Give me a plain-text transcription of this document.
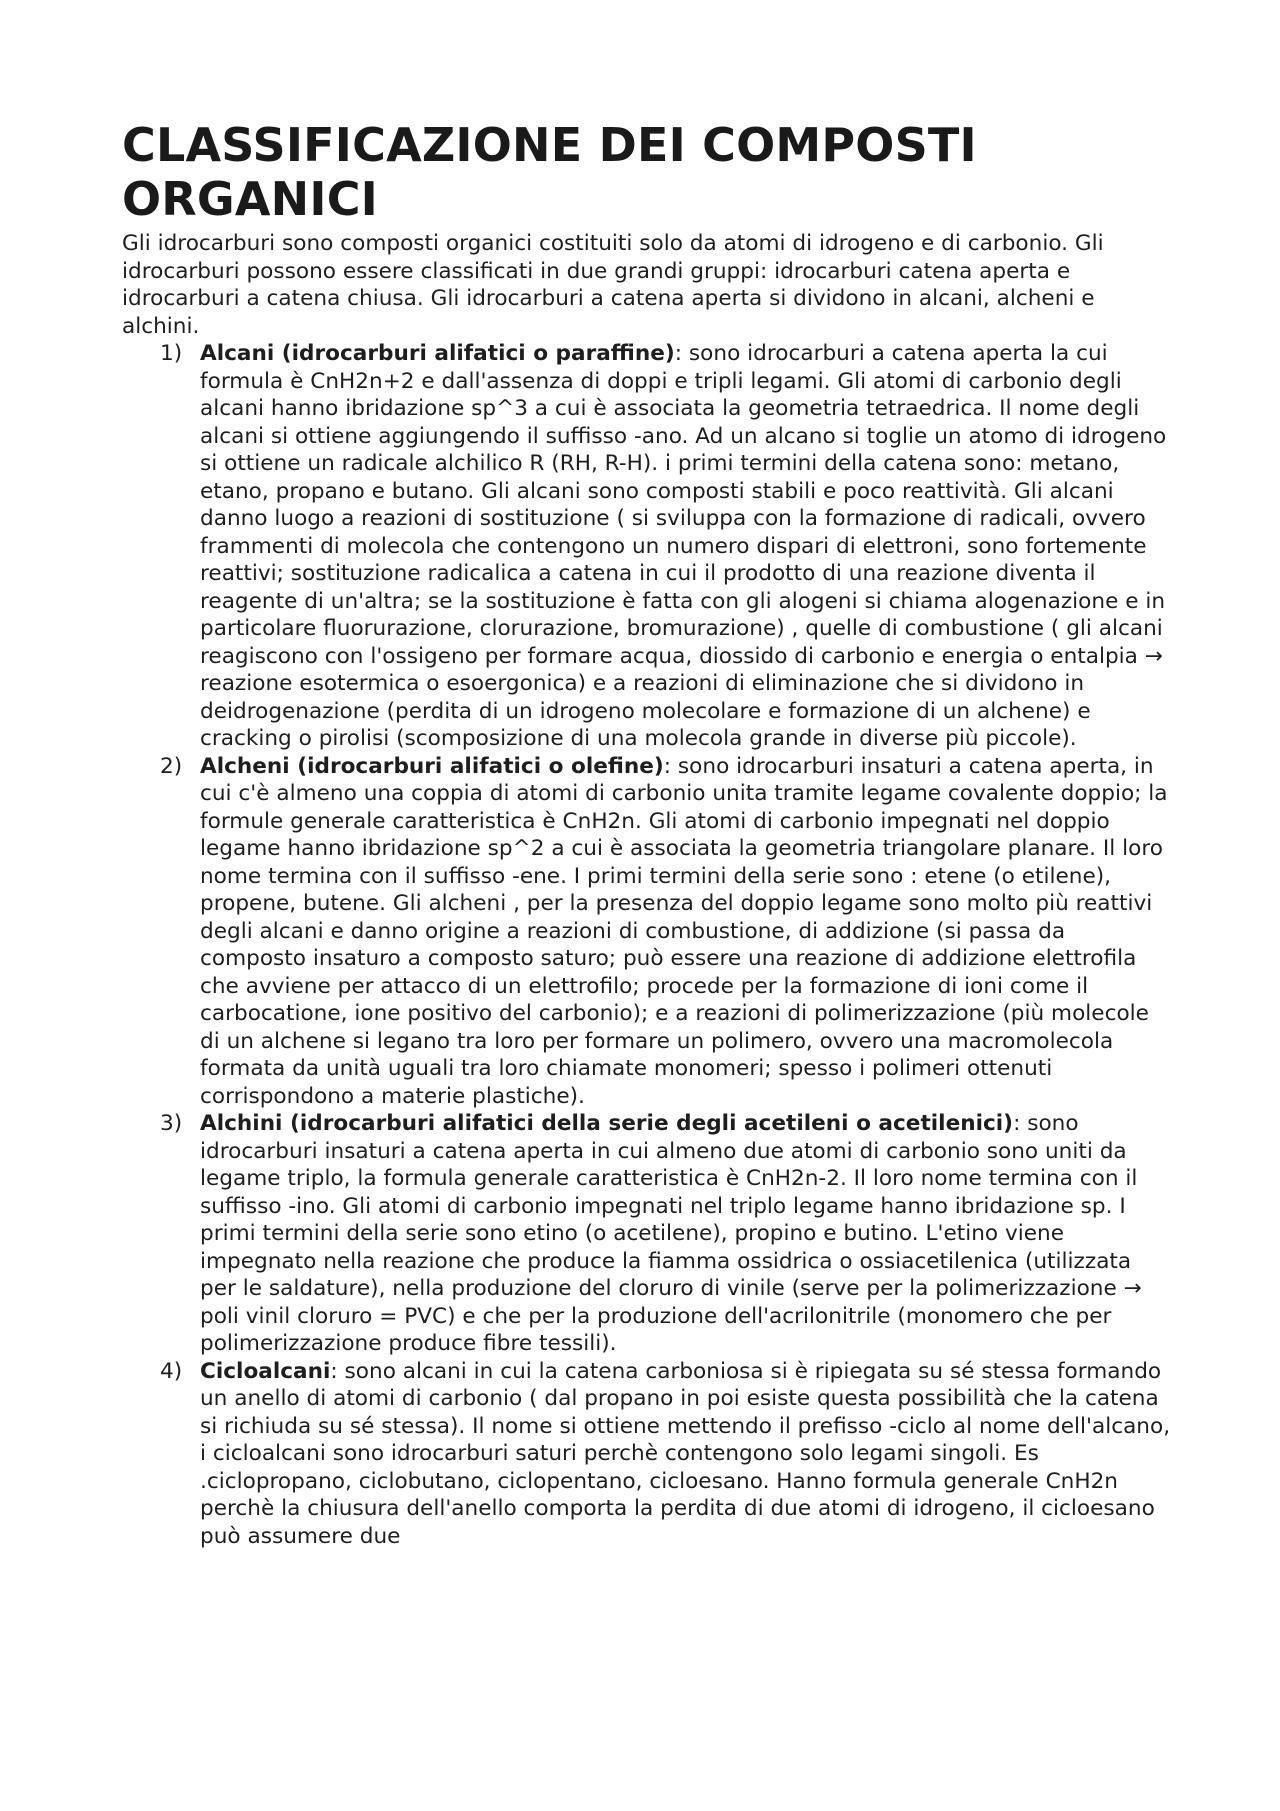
CLASSIFICAZIONE DEI COMPOSTI ORGANICI

Gli idrocarburi sono composti organici costituiti solo da atomi di idrogeno e di carbonio. Gli idrocarburi possono essere classificati in due grandi gruppi: idrocarburi catena aperta e idrocarburi a catena chiusa. Gli idrocarburi a catena aperta si dividono in alcani, alcheni e alchini.

1) Alcani (idrocarburi alifatici o paraffine): sono idrocarburi a catena aperta la cui formula è CnH2n+2 e dall'assenza di doppi e tripli legami. Gli atomi di carbonio degli alcani hanno ibridazione sp^3 a cui è associata la geometria tetraedrica. Il nome degli alcani si ottiene aggiungendo il suffisso -ano. Ad un alcano si toglie un atomo di idrogeno si ottiene un radicale alchilico R (RH, R-H). i primi termini della catena sono: metano, etano, propano e butano. Gli alcani sono composti stabili e poco reattività. Gli alcani danno luogo a reazioni di sostituzione ( si sviluppa con la formazione di radicali, ovvero frammenti di molecola che contengono un numero dispari di elettroni, sono fortemente reattivi; sostituzione radicalica a catena in cui il prodotto di una reazione diventa il reagente di un'altra; se la sostituzione è fatta con gli alogeni si chiama alogenazione e in particolare fluorurazione, clorurazione, bromurazione) , quelle di combustione ( gli alcani reagiscono con l'ossigeno per formare acqua, diossido di carbonio e energia o entalpia → reazione esotermica o esoergonica) e a reazioni di eliminazione che si dividono in deidrogenazione (perdita di un idrogeno molecolare e formazione di un alchene) e cracking o pirolisi (scomposizione di una molecola grande in diverse più piccole).
2) Alcheni (idrocarburi alifatici o olefine): sono idrocarburi insaturi a catena aperta, in cui c'è almeno una coppia di atomi di carbonio unita tramite legame covalente doppio; la formule generale caratteristica è CnH2n. Gli atomi di carbonio impegnati nel doppio legame hanno ibridazione sp^2 a cui è associata la geometria triangolare planare. Il loro nome termina con il suffisso -ene. I primi termini della serie sono : etene (o etilene), propene, butene. Gli alcheni , per la presenza del doppio legame sono molto più reattivi degli alcani e danno origine a reazioni di combustione, di addizione (si passa da composto insaturo a composto saturo; può essere una reazione di addizione elettrofila che avviene per attacco di un elettrofilo; procede per la formazione di ioni come il carbocatione, ione positivo del carbonio); e a reazioni di polimerizzazione (più molecole di un alchene si legano tra loro per formare un polimero, ovvero una macromolecola formata da unità uguali tra loro chiamate monomeri; spesso i polimeri ottenuti corrispondono a materie plastiche).
3) Alchini (idrocarburi alifatici della serie degli acetileni o acetilenici): sono idrocarburi insaturi a catena aperta in cui almeno due atomi di carbonio sono uniti da legame triplo, la formula generale caratteristica è CnH2n-2. Il loro nome termina con il suffisso -ino. Gli atomi di carbonio impegnati nel triplo legame hanno ibridazione sp. I primi termini della serie sono etino (o acetilene), propino e butino. L'etino viene impegnato nella reazione che produce la fiamma ossidrica o ossiacetilenica (utilizzata per le saldature), nella produzione del cloruro di vinile (serve per la polimerizzazione → poli vinil cloruro = PVC) e che per la produzione dell'acrilonitrile (monomero che per polimerizzazione produce fibre tessili).
4) Cicloalcani: sono alcani in cui la catena carboniosa si è ripiegata su sé stessa formando un anello di atomi di carbonio ( dal propano in poi esiste questa possibilità che la catena si richiuda su sé stessa). Il nome si ottiene mettendo il prefisso -ciclo al nome dell'alcano, i cicloalcani sono idrocarburi saturi perchè contengono solo legami singoli. Es .ciclopropano, ciclobutano, ciclopentano, cicloesano. Hanno formula generale CnH2n perchè la chiusura dell'anello comporta la perdita di due atomi di idrogeno, il cicloesano può assumere due
